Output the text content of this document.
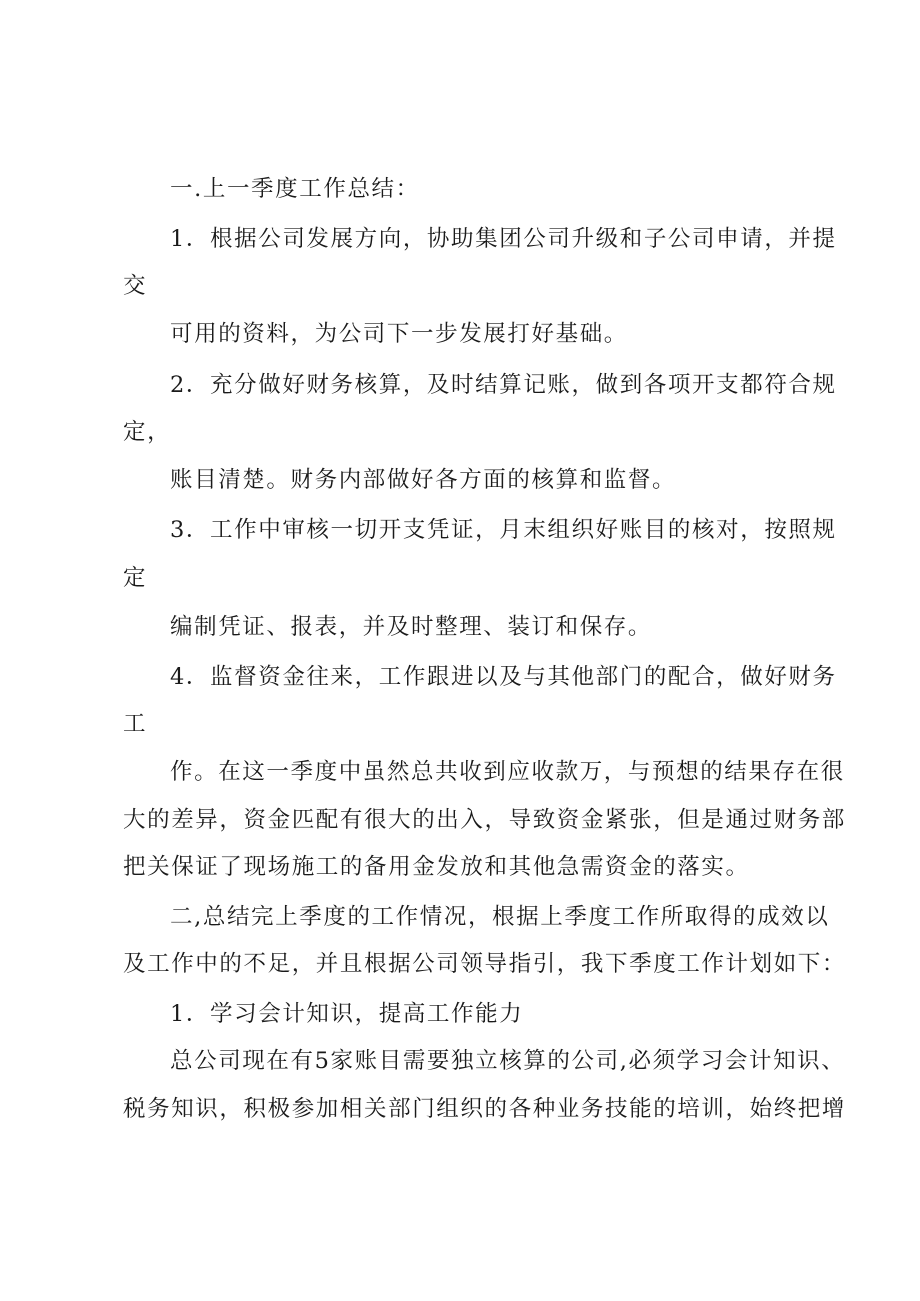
一.上一季度工作总结：
1．根据公司发展方向，协助集团公司升级和子公司申请，并提
交
可用的资料，为公司下一步发展打好基础。
2．充分做好财务核算，及时结算记账，做到各项开支都符合规
定，
账目清楚。财务内部做好各方面的核算和监督。
3．工作中审核一切开支凭证，月末组织好账目的核对，按照规
定
编制凭证、报表，并及时整理、装订和保存。
4．监督资金往来，工作跟进以及与其他部门的配合，做好财务
工
作。在这一季度中虽然总共收到应收款万，与预想的结果存在很
大的差异，资金匹配有很大的出入，导致资金紧张，但是通过财务部
把关保证了现场施工的备用金发放和其他急需资金的落实。
二,总结完上季度的工作情况，根据上季度工作所取得的成效以
及工作中的不足，并且根据公司领导指引，我下季度工作计划如下：
1．学习会计知识，提高工作能力
总公司现在有5家账目需要独立核算的公司,必须学习会计知识、
税务知识，积极参加相关部门组织的各种业务技能的培训，始终把增
